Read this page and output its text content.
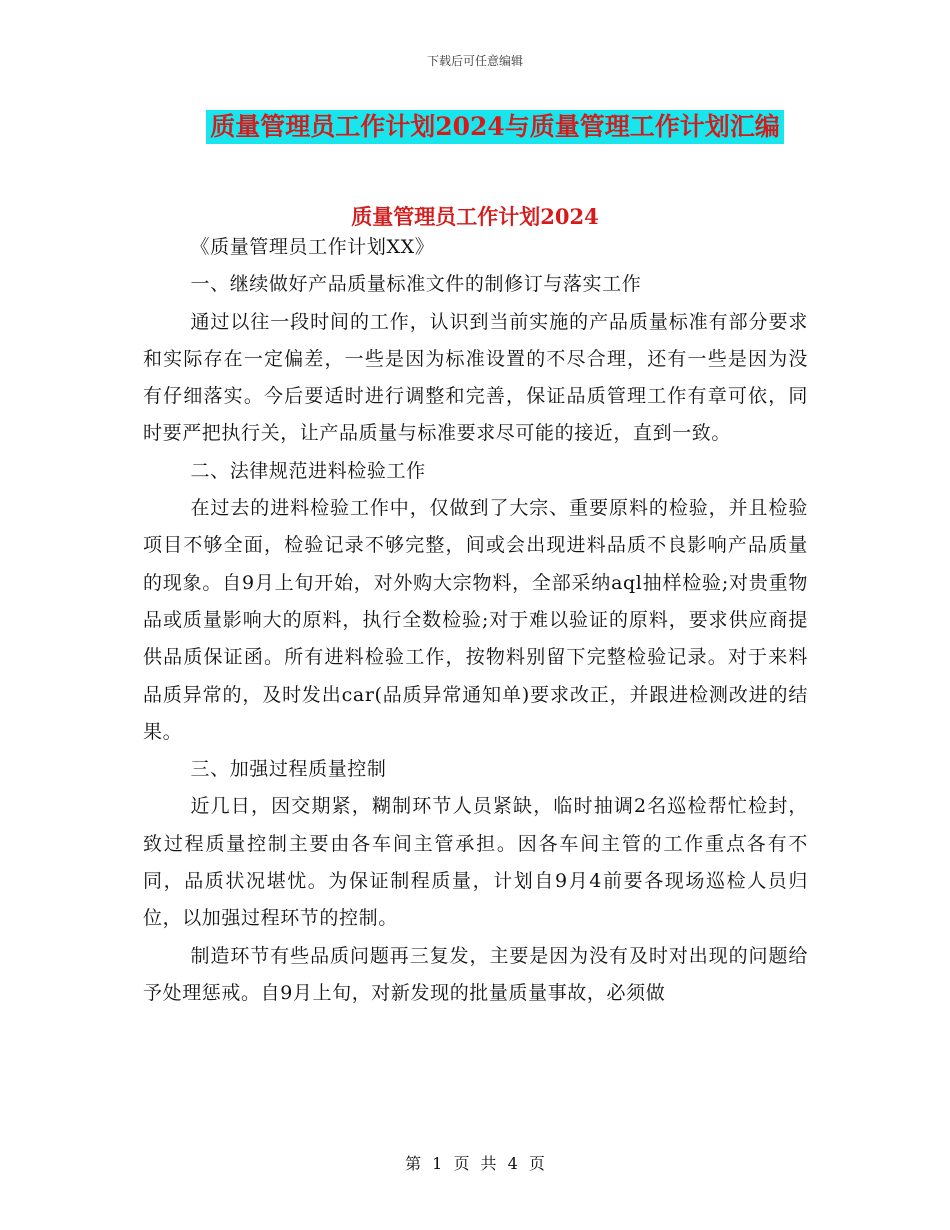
下载后可任意编辑
质量管理员工作计划2024与质量管理工作计划汇编
质量管理员工作计划2024

《质量管理员工作计划XX》

一、继续做好产品质量标准文件的制修订与落实工作

通过以往一段时间的工作，认识到当前实施的产品质量标准有部分要求和实际存在一定偏差，一些是因为标准设置的不尽合理，还有一些是因为没有仔细落实。今后要适时进行调整和完善，保证品质管理工作有章可依，同时要严把执行关，让产品质量与标准要求尽可能的接近，直到一致。

二、法律规范进料检验工作

在过去的进料检验工作中，仅做到了大宗、重要原料的检验，并且检验项目不够全面，检验记录不够完整，间或会出现进料品质不良影响产品质量的现象。自9月上旬开始，对外购大宗物料，全部采纳aql抽样检验;对贵重物品或质量影响大的原料，执行全数检验;对于难以验证的原料，要求供应商提供品质保证函。所有进料检验工作，按物料别留下完整检验记录。对于来料品质异常的，及时发出car(品质异常通知单)要求改正，并跟进检测改进的结果。

三、加强过程质量控制

近几日，因交期紧，糊制环节人员紧缺，临时抽调2名巡检帮忙检封，致过程质量控制主要由各车间主管承担。因各车间主管的工作重点各有不同，品质状况堪忧。为保证制程质量，计划自9月4前要各现场巡检人员归位，以加强过程环节的控制。

制造环节有些品质问题再三复发，主要是因为没有及时对出现的问题给予处理惩戒。自9月上旬，对新发现的批量质量事故，必须做

第 1 页 共 4 页
